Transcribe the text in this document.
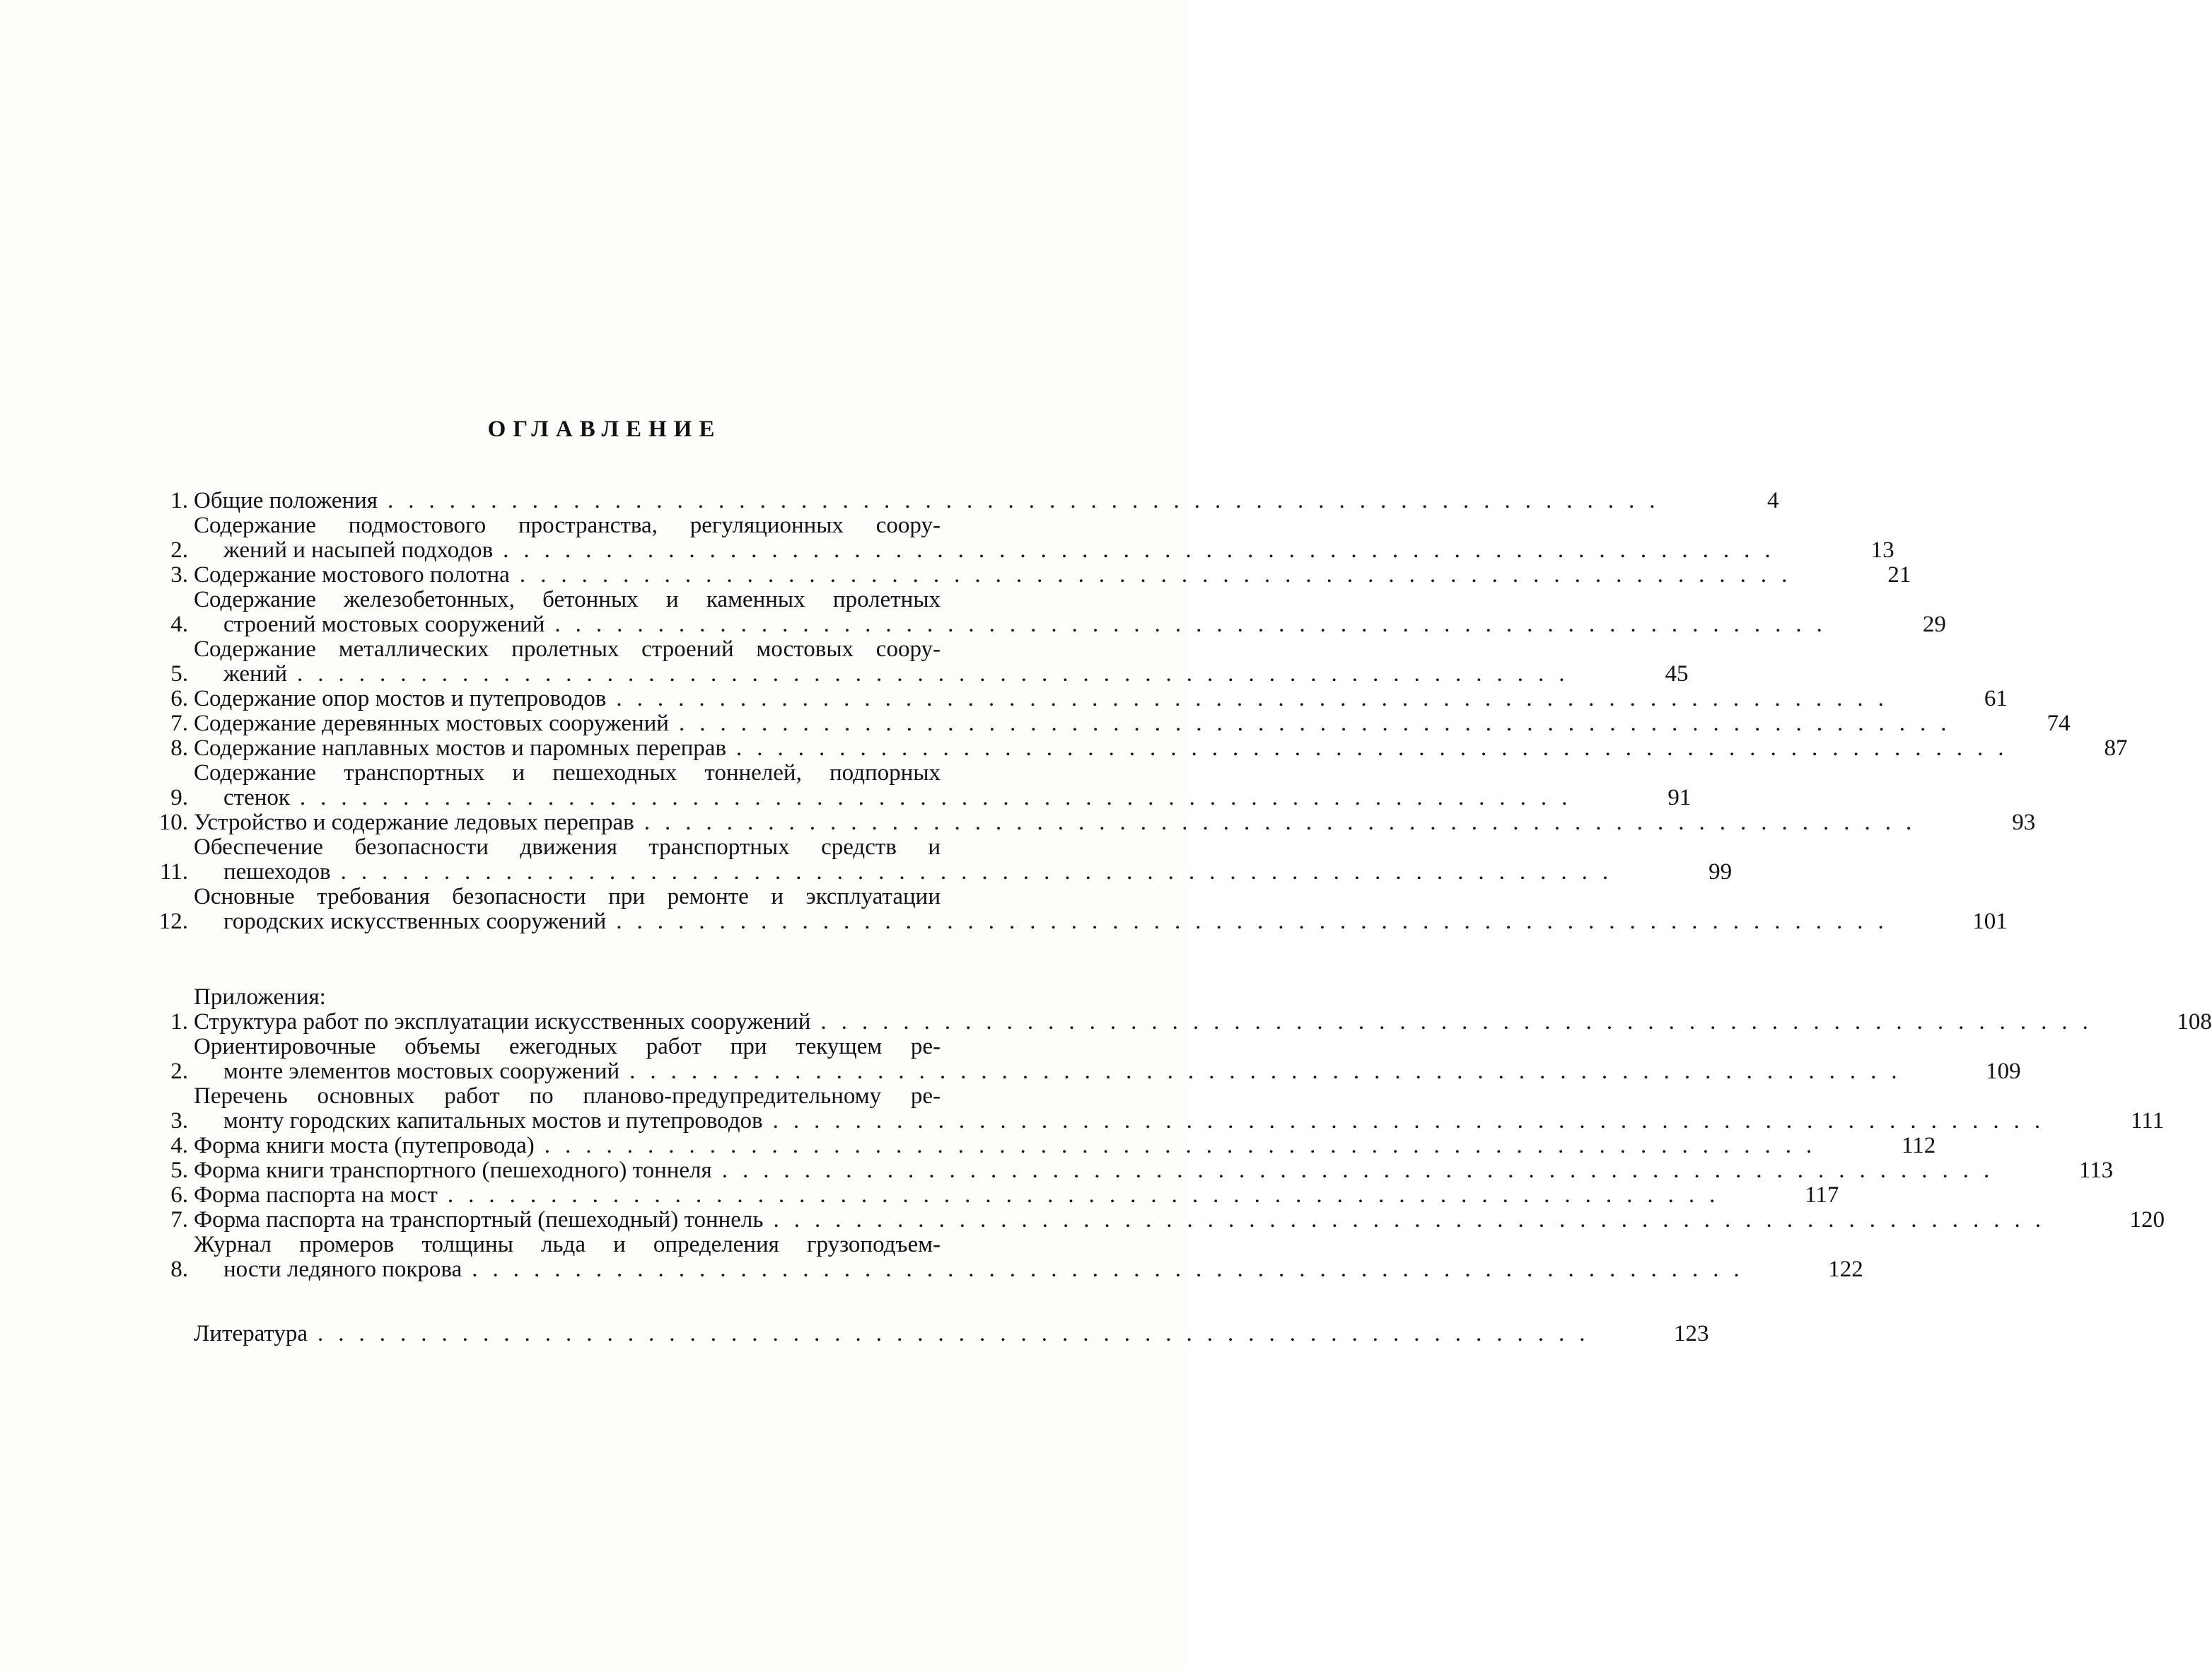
ОГЛАВЛЕНИЕ
1. Общие положения ..............................................................	4
2.
Содержание подмостового пространства, регуляционных соору-
жений и насыпей подходов ..............................................................	13
3. Содержание мостового полотна ..............................................................	21
4.
Содержание железобетонных, бетонных и каменных пролетных
строений мостовых сооружений ..............................................................	29
5.
Содержание металлических пролетных строений мостовых соору-
жений ..............................................................	45
6. Содержание опор мостов и путепроводов ..............................................................	61
7. Содержание деревянных мостовых сооружений ..............................................................	74
8. Содержание наплавных мостов и паромных переправ ..............................................................	87
9.
Содержание транспортных и пешеходных тоннелей, подпорных
стенок ..............................................................	91
10. Устройство и содержание ледовых переправ ..............................................................	93
11.
Обеспечение безопасности движения транспортных средств и
пешеходов ..............................................................	99
12.
Основные требования безопасности при ремонте и эксплуатации
городских искусственных сооружений ..............................................................	101
Приложения:
1. Структура работ по эксплуатации искусственных сооружений ..............................................................	108
2.
Ориентировочные объемы ежегодных работ при текущем ре-
монте элементов мостовых сооружений ..............................................................	109
3.
Перечень основных работ по планово-предупредительному ре-
монту городских капитальных мостов и путепроводов ..............................................................	111
4. Форма книги моста (путепровода) ..............................................................	112
5. Форма книги транспортного (пешеходного) тоннеля ..............................................................	113
6. Форма паспорта на мост ..............................................................	117
7. Форма паспорта на транспортный (пешеходный) тоннель ..............................................................	120
8.
Журнал промеров толщины льда и определения грузоподъем-
ности ледяного покрова ..............................................................	122
Литература ..............................................................	123
